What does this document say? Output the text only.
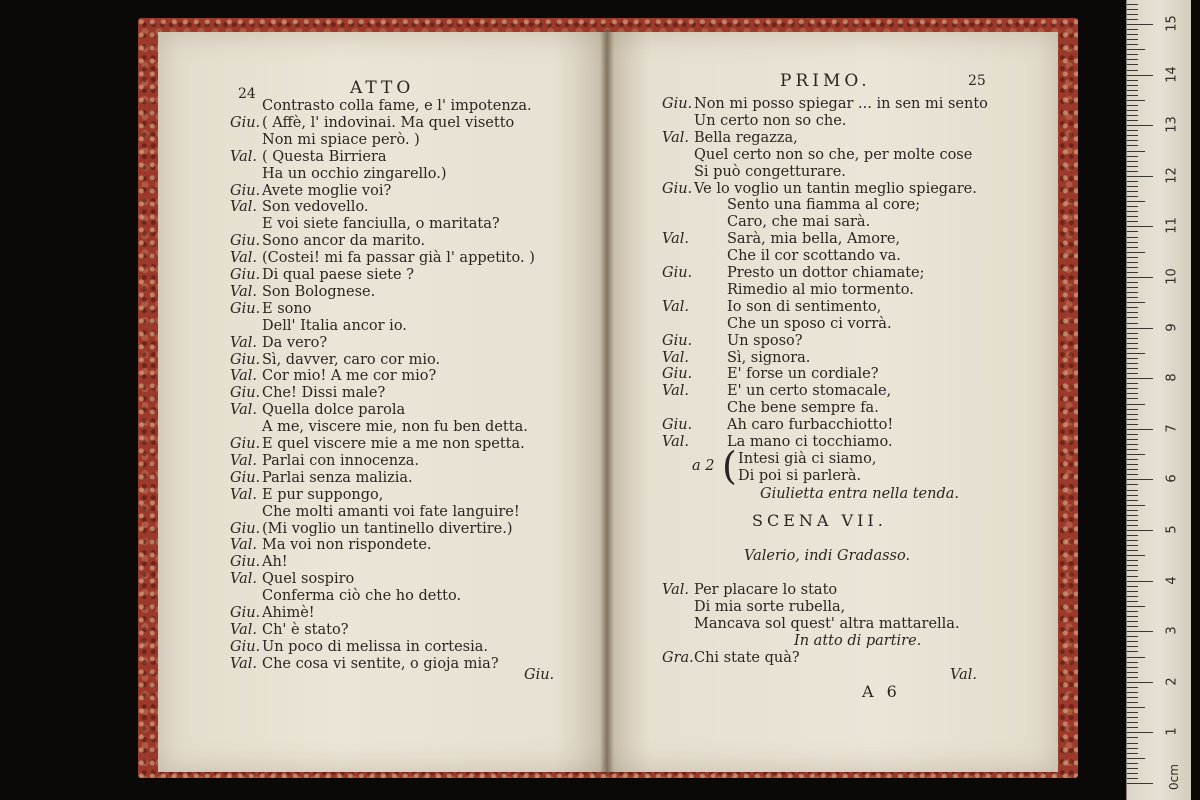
24	ATTO
Contrasto colla fame, e l' impotenza.
Giu. ( Affè, l' indovinai. Ma quel visetto
Non mi spiace però. )
Val. ( Questa Birriera
Ha un occhio zingarello.)
Giu. Avete moglie voi?
Val. Son vedovello.
E voi siete fanciulla, o maritata?
Giu. Sono ancor da marito.
Val. (Costei! mi fa passar già l' appetito. )
Giu. Di qual paese siete ?
Val. Son Bolognese.
Giu. E sono
Dell' Italia ancor io.
Val. Da vero?
Giu. Sì, davver, caro cor mio.
Val. Cor mio! A me cor mio?
Giu. Che! Dissi male?
Val. Quella dolce parola
A me, viscere mie, non fu ben detta.
Giu. E quel viscere mie a me non spetta.
Val. Parlai con innocenza.
Giu. Parlai senza malizia.
Val. E pur suppongo,
Che molti amanti voi fate languire!
Giu. (Mi voglio un tantinello divertire.)
Val. Ma voi non rispondete.
Giu. Ah!
Val. Quel sospiro
Conferma ciò che ho detto.
Giu. Ahimè!
Val. Ch' è stato?
Giu. Un poco di melissa in cortesia.
Val. Che cosa vi sentite, o gioja mia?
Giu.
PRIMO.	25
Giu. Non mi posso spiegar ... in sen mi sento
Un certo non so che.
Val. Bella regazza,
Quel certo non so che, per molte cose
Si può congetturare.
Giu. Ve lo voglio un tantin meglio spiegare.
Sento una fiamma al core;
Caro, che mai sarà.
Val.	Sarà, mia bella, Amore,
Che il cor scottando va.
Giu. Presto un dottor chiamate;
Rimedio al mio tormento.
Val.	Io son di sentimento,
Che un sposo ci vorrà.
Giu. Un sposo?
Val.	Sì, signora.
Giu. E' forse un cordiale?
Val.	E' un certo stomacale,
Che bene sempre fa.
Giu. Ah caro furbacchiotto!
Val.	La mano ci tocchiamo.
a 2 ( Intesi già ci siamo,
Di poi si parlerà.
Giulietta entra nella tenda.
SCENA VII.
Valerio, indi Gradasso.
Val. Per placare lo stato
Di mia sorte rubella,
Mancava sol quest' altra mattarella.
In atto di partire.
Gra. Chi state quà?
Val.
A 6
1
2
3
4
5
6
7
8
9
10
11
12
13
14
15
0cm
